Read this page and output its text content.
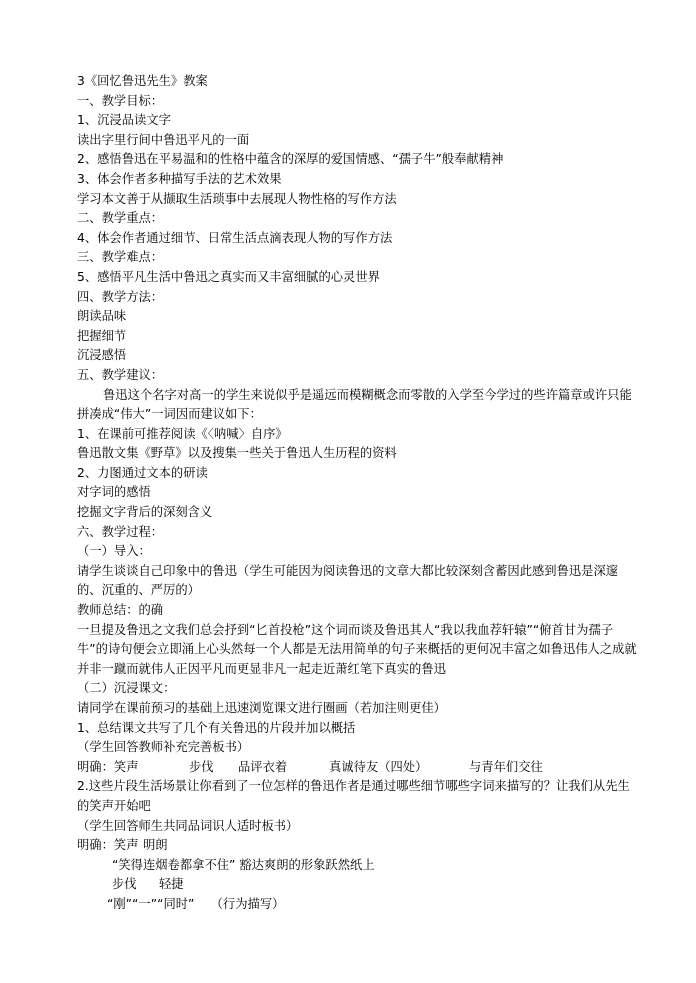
3《回忆鲁迅先生》教案
一、教学目标：
1、沉浸品读文字
读出字里行间中鲁迅平凡的一面
2、感悟鲁迅在平易温和的性格中蕴含的深厚的爱国情感、“孺子牛”般奉献精神
3、体会作者多种描写手法的艺术效果
学习本文善于从撷取生活琐事中去展现人物性格的写作方法
二、教学重点：
4、体会作者通过细节、日常生活点滴表现人物的写作方法
三、教学难点：
5、感悟平凡生活中鲁迅之真实而又丰富细腻的心灵世界
四、教学方法：
朗读品味
把握细节
沉浸感悟
五、教学建议：
鲁迅这个名字对高一的学生来说似乎是遥远而模糊概念而零散的入学至今学过的些许篇章或许只能拼凑成“伟大”一词因而建议如下：
1、在课前可推荐阅读《〈呐喊〉自序》
鲁迅散文集《野草》以及搜集一些关于鲁迅人生历程的资料
2、力图通过文本的研读
对字词的感悟
挖掘文字背后的深刻含义
六、教学过程：
（一）导入：
请学生谈谈自己印象中的鲁迅（学生可能因为阅读鲁迅的文章大都比较深刻含蓄因此感到鲁迅是深邃的、沉重的、严厉的）
教师总结：的确
一旦提及鲁迅之文我们总会抒到“匕首投枪”这个词而谈及鲁迅其人“我以我血荐轩辕”“俯首甘为孺子牛”的诗句便会立即涌上心头然每一个人都是无法用简单的句子来概括的更何况丰富之如鲁迅伟人之成就并非一蹴而就伟人正因平凡而更显非凡一起走近萧红笔下真实的鲁迅
（二）沉浸课文：
请同学在课前预习的基础上迅速浏览课文进行圈画（若加注则更佳）
1、总结课文共写了几个有关鲁迅的片段并加以概括
（学生回答教师补充完善板书）
明确：笑声	步伐	品评衣着	真诚待友（四处）	与青年们交往
2.这些片段生活场景让你看到了一位怎样的鲁迅作者是通过哪些细节哪些字词来描写的？让我们从先生的笑声开始吧
（学生回答师生共同品词识人适时板书）
明确：笑声 明朗
“笑得连烟卷都拿不住” 豁达爽朗的形象跃然纸上
步伐	轻捷
“刚”“一”“同时”　 （行为描写）
